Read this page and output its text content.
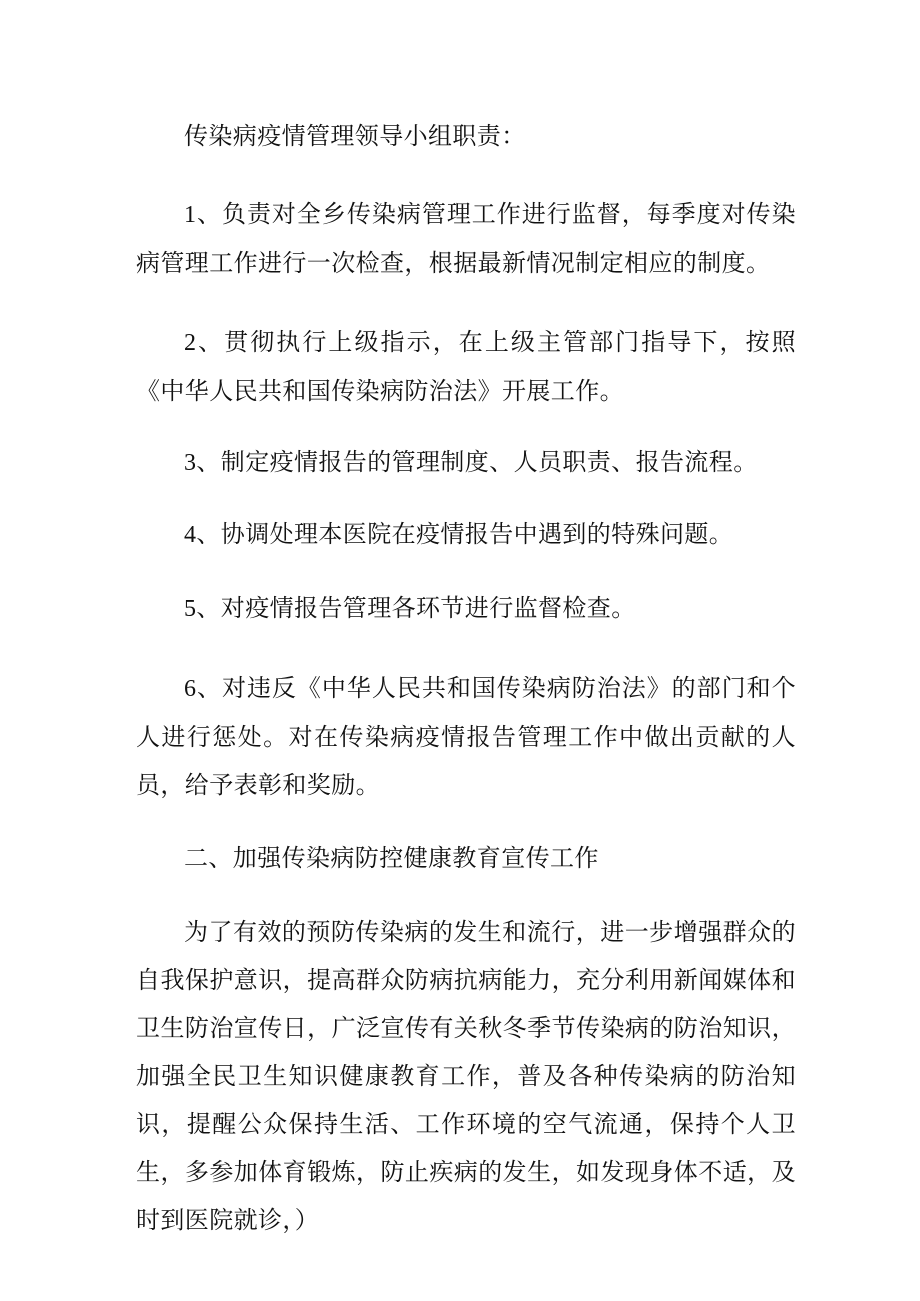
传染病疫情管理领导小组职责：

1、负责对全乡传染病管理工作进行监督，每季度对传染病管理工作进行一次检查，根据最新情况制定相应的制度。

2、贯彻执行上级指示，在上级主管部门指导下，按照《中华人民共和国传染病防治法》开展工作。

3、制定疫情报告的管理制度、人员职责、报告流程。

4、协调处理本医院在疫情报告中遇到的特殊问题。

5、对疫情报告管理各环节进行监督检查。

6、对违反《中华人民共和国传染病防治法》的部门和个人进行惩处。对在传染病疫情报告管理工作中做出贡献的人员，给予表彰和奖励。

二、加强传染病防控健康教育宣传工作

为了有效的预防传染病的发生和流行，进一步增强群众的自我保护意识，提高群众防病抗病能力，充分利用新闻媒体和卫生防治宣传日，广泛宣传有关秋冬季节传染病的防治知识，加强全民卫生知识健康教育工作，普及各种传染病的防治知识，提醒公众保持生活、工作环境的空气流通，保持个人卫生，多参加体育锻炼，防止疾病的发生，如发现身体不适，及时到医院就诊，）
